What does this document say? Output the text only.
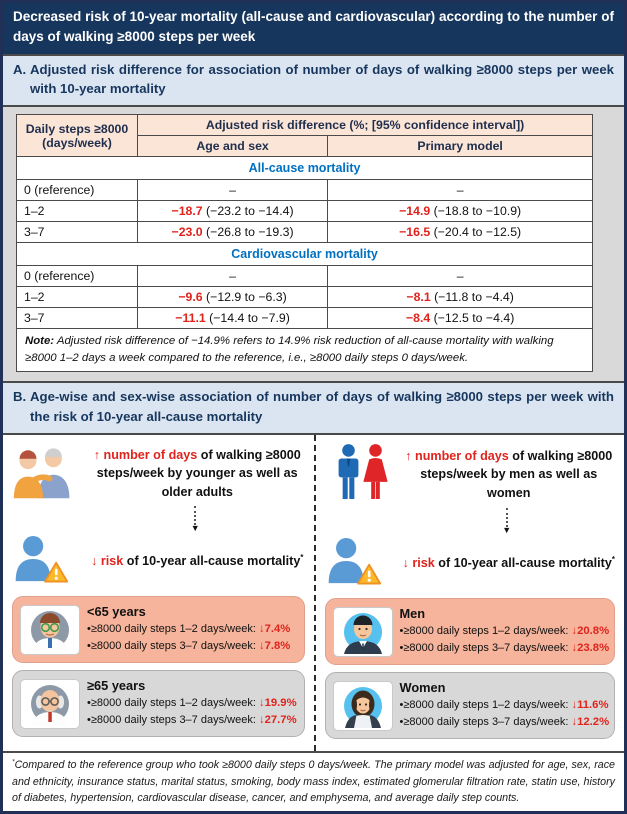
Decreased risk of 10-year mortality (all-cause and cardiovascular) according to the number of days of walking ≥8000 steps per week
A. Adjusted risk difference for association of number of days of walking ≥8000 steps per week with 10-year mortality
Daily steps ≥8000 (days/week)	Adjusted risk difference (%; [95% confidence interval])	
	Age and sex	Primary model
All-cause mortality		
0 (reference)	–	–
1–2	−18.7 (−23.2 to −14.4)	−14.9 (−18.8 to −10.9)
3–7	−23.0 (−26.8 to −19.3)	−16.5 (−20.4 to −12.5)
Cardiovascular mortality		
0 (reference)	–	–
1–2	−9.6 (−12.9 to −6.3)	−8.1 (−11.8 to −4.4)
3–7	−11.1 (−14.4 to −7.9)	−8.4 (−12.5 to −4.4)
Note: Adjusted risk difference of −14.9% refers to 14.9% risk reduction of all-cause mortality with walking ≥8000 1–2 days a week compared to the reference, i.e., ≥8000 daily steps 0 days/week.		
B. Age-wise and sex-wise association of number of days of walking ≥8000 steps per week with the risk of 10-year all-cause mortality
↑ number of days of walking ≥8000 steps/week by younger as well as older adults
▼
↓ risk of 10-year all-cause mortality*
<65 years
•≥8000 daily steps 1–2 days/week: ↓7.4%
•≥8000 daily steps 3–7 days/week: ↓7.8%
≥65 years
•≥8000 daily steps 1–2 days/week: ↓19.9%
•≥8000 daily steps 3–7 days/week: ↓27.7%
↑ number of days of walking ≥8000 steps/week by men as well as women
▼
↓ risk of 10-year all-cause mortality*
Men
•≥8000 daily steps 1–2 days/week: ↓20.8%
•≥8000 daily steps 3–7 days/week: ↓23.8%
Women
•≥8000 daily steps 1–2 days/week: ↓11.6%
•≥8000 daily steps 3–7 days/week: ↓12.2%
*Compared to the reference group who took ≥8000 daily steps 0 days/week. The primary model was adjusted for age, sex, race and ethnicity, insurance status, marital status, smoking, body mass index, estimated glomerular filtration rate, statin use, history of diabetes, hypertension, cardiovascular disease, cancer, and emphysema, and average daily step counts.
